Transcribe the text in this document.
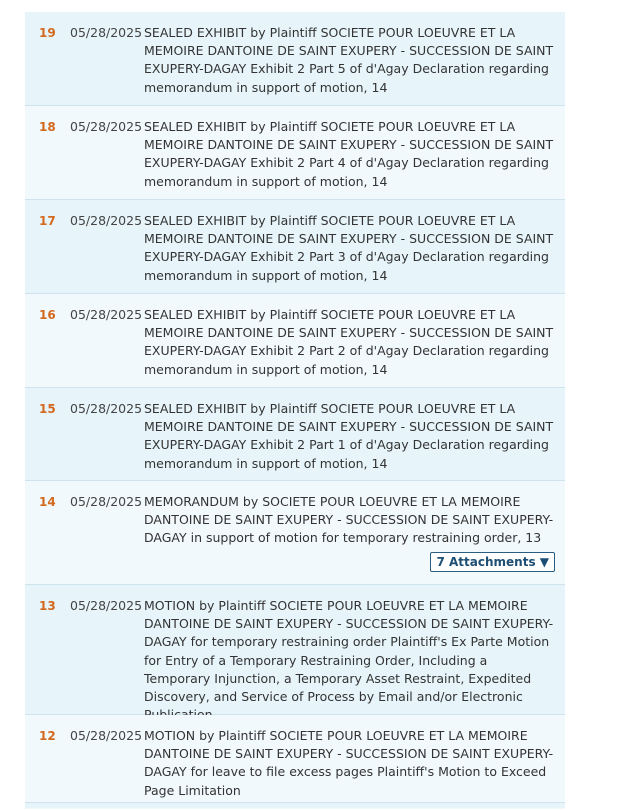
19 05/28/2025 SEALED EXHIBIT by Plaintiff SOCIETE POUR LOEUVRE ET LA MEMOIRE DANTOINE DE SAINT EXUPERY - SUCCESSION DE SAINT EXUPERY-DAGAY Exhibit 2 Part 5 of d'Agay Declaration regarding memorandum in support of motion, 14
18 05/28/2025 SEALED EXHIBIT by Plaintiff SOCIETE POUR LOEUVRE ET LA MEMOIRE DANTOINE DE SAINT EXUPERY - SUCCESSION DE SAINT EXUPERY-DAGAY Exhibit 2 Part 4 of d'Agay Declaration regarding memorandum in support of motion, 14
17 05/28/2025 SEALED EXHIBIT by Plaintiff SOCIETE POUR LOEUVRE ET LA MEMOIRE DANTOINE DE SAINT EXUPERY - SUCCESSION DE SAINT EXUPERY-DAGAY Exhibit 2 Part 3 of d'Agay Declaration regarding memorandum in support of motion, 14
16 05/28/2025 SEALED EXHIBIT by Plaintiff SOCIETE POUR LOEUVRE ET LA MEMOIRE DANTOINE DE SAINT EXUPERY - SUCCESSION DE SAINT EXUPERY-DAGAY Exhibit 2 Part 2 of d'Agay Declaration regarding memorandum in support of motion, 14
15 05/28/2025 SEALED EXHIBIT by Plaintiff SOCIETE POUR LOEUVRE ET LA MEMOIRE DANTOINE DE SAINT EXUPERY - SUCCESSION DE SAINT EXUPERY-DAGAY Exhibit 2 Part 1 of d'Agay Declaration regarding memorandum in support of motion, 14
14 05/28/2025 MEMORANDUM by SOCIETE POUR LOEUVRE ET LA MEMOIRE DANTOINE DE SAINT EXUPERY - SUCCESSION DE SAINT EXUPERY-DAGAY in support of motion for temporary restraining order, 13
7 Attachments ▼
13 05/28/2025 MOTION by Plaintiff SOCIETE POUR LOEUVRE ET LA MEMOIRE DANTOINE DE SAINT EXUPERY - SUCCESSION DE SAINT EXUPERY-DAGAY for temporary restraining order Plaintiff's Ex Parte Motion for Entry of a Temporary Restraining Order, Including a Temporary Injunction, a Temporary Asset Restraint, Expedited Discovery, and Service of Process by Email and/or Electronic
12 05/28/2025 MOTION by Plaintiff SOCIETE POUR LOEUVRE ET LA MEMOIRE DANTOINE DE SAINT EXUPERY - SUCCESSION DE SAINT EXUPERY-DAGAY for leave to file excess pages Plaintiff's Motion to Exceed Page Limitation
